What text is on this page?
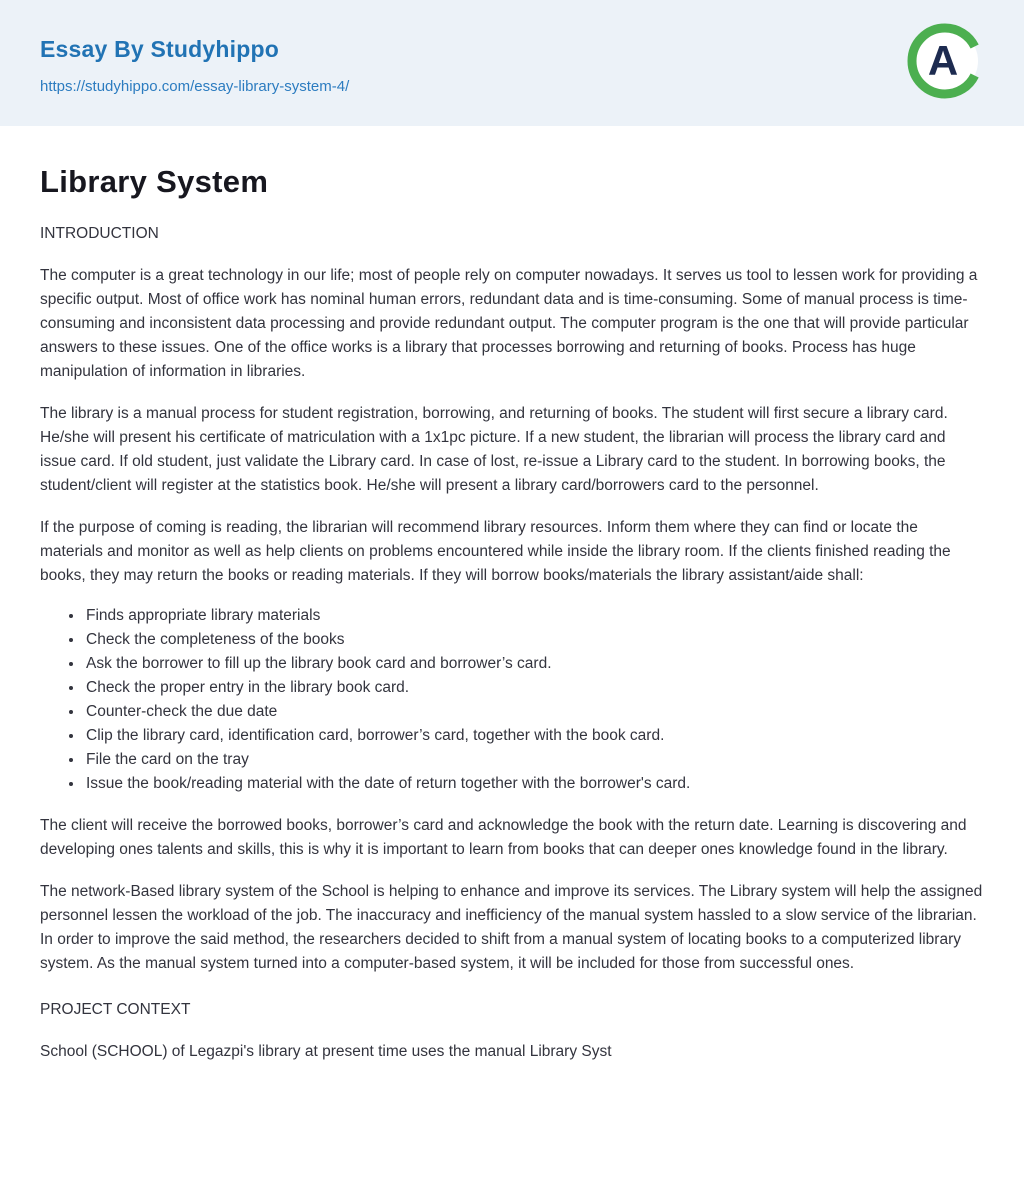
Essay By Studyhippo
https://studyhippo.com/essay-library-system-4/
A
Library System

INTRODUCTION

The computer is a great technology in our life; most of people rely on computer nowadays. It serves us tool to lessen work for providing a specific output. Most of office work has nominal human errors, redundant data and is time-consuming. Some of manual process is time-consuming and inconsistent data processing and provide redundant output. The computer program is the one that will provide particular answers to these issues. One of the office works is a library that processes borrowing and returning of books. Process has huge manipulation of information in libraries.

The library is a manual process for student registration, borrowing, and returning of books. The student will first secure a library card. He/she will present his certificate of matriculation with a 1x1pc picture. If a new student, the librarian will process the library card and issue card. If old student, just validate the Library card. In case of lost, re-issue a Library card to the student. In borrowing books, the student/client will register at the statistics book. He/she will present a library card/borrowers card to the personnel.

If the purpose of coming is reading, the librarian will recommend library resources. Inform them where they can find or locate the materials and monitor as well as help clients on problems encountered while inside the library room. If the clients finished reading the books, they may return the books or reading materials. If they will borrow books/materials the library assistant/aide shall:

• Finds appropriate library materials
• Check the completeness of the books
• Ask the borrower to fill up the library book card and borrower’s card.
• Check the proper entry in the library book card.
• Counter-check the due date
• Clip the library card, identification card, borrower’s card, together with the book card.
• File the card on the tray
• Issue the book/reading material with the date of return together with the borrower's card.

The client will receive the borrowed books, borrower’s card and acknowledge the book with the return date. Learning is discovering and developing ones talents and skills, this is why it is important to learn from books that can deeper ones knowledge found in the library.

The network-Based library system of the School is helping to enhance and improve its services. The Library system will help the assigned personnel lessen the workload of the job. The inaccuracy and inefficiency of the manual system hassled to a slow service of the librarian. In order to improve the said method, the researchers decided to shift from a manual system of locating books to a computerized library system. As the manual system turned into a computer-based system, it will be included for those from successful ones.

PROJECT CONTEXT

School (SCHOOL) of Legazpi's library at present time uses the manual Library Syst
